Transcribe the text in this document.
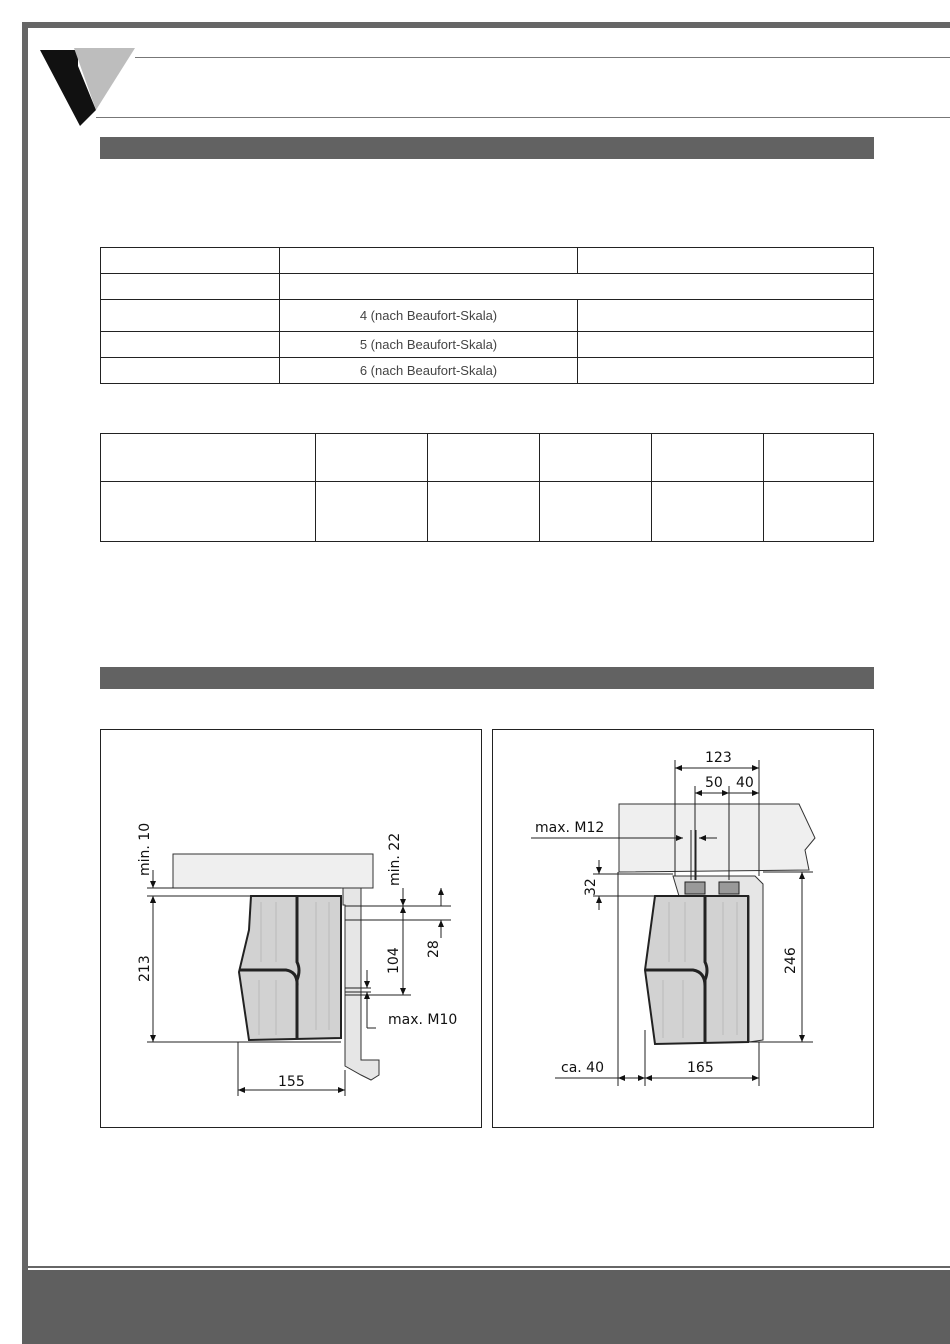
	4 (nach Beaufort-Skala)	
	5 (nach Beaufort-Skala)	
	6 (nach Beaufort-Skala)	

min. 10	min. 22
213	104 28
max. M10
155
123
50 40
max. M12
32
246
ca. 40	165
